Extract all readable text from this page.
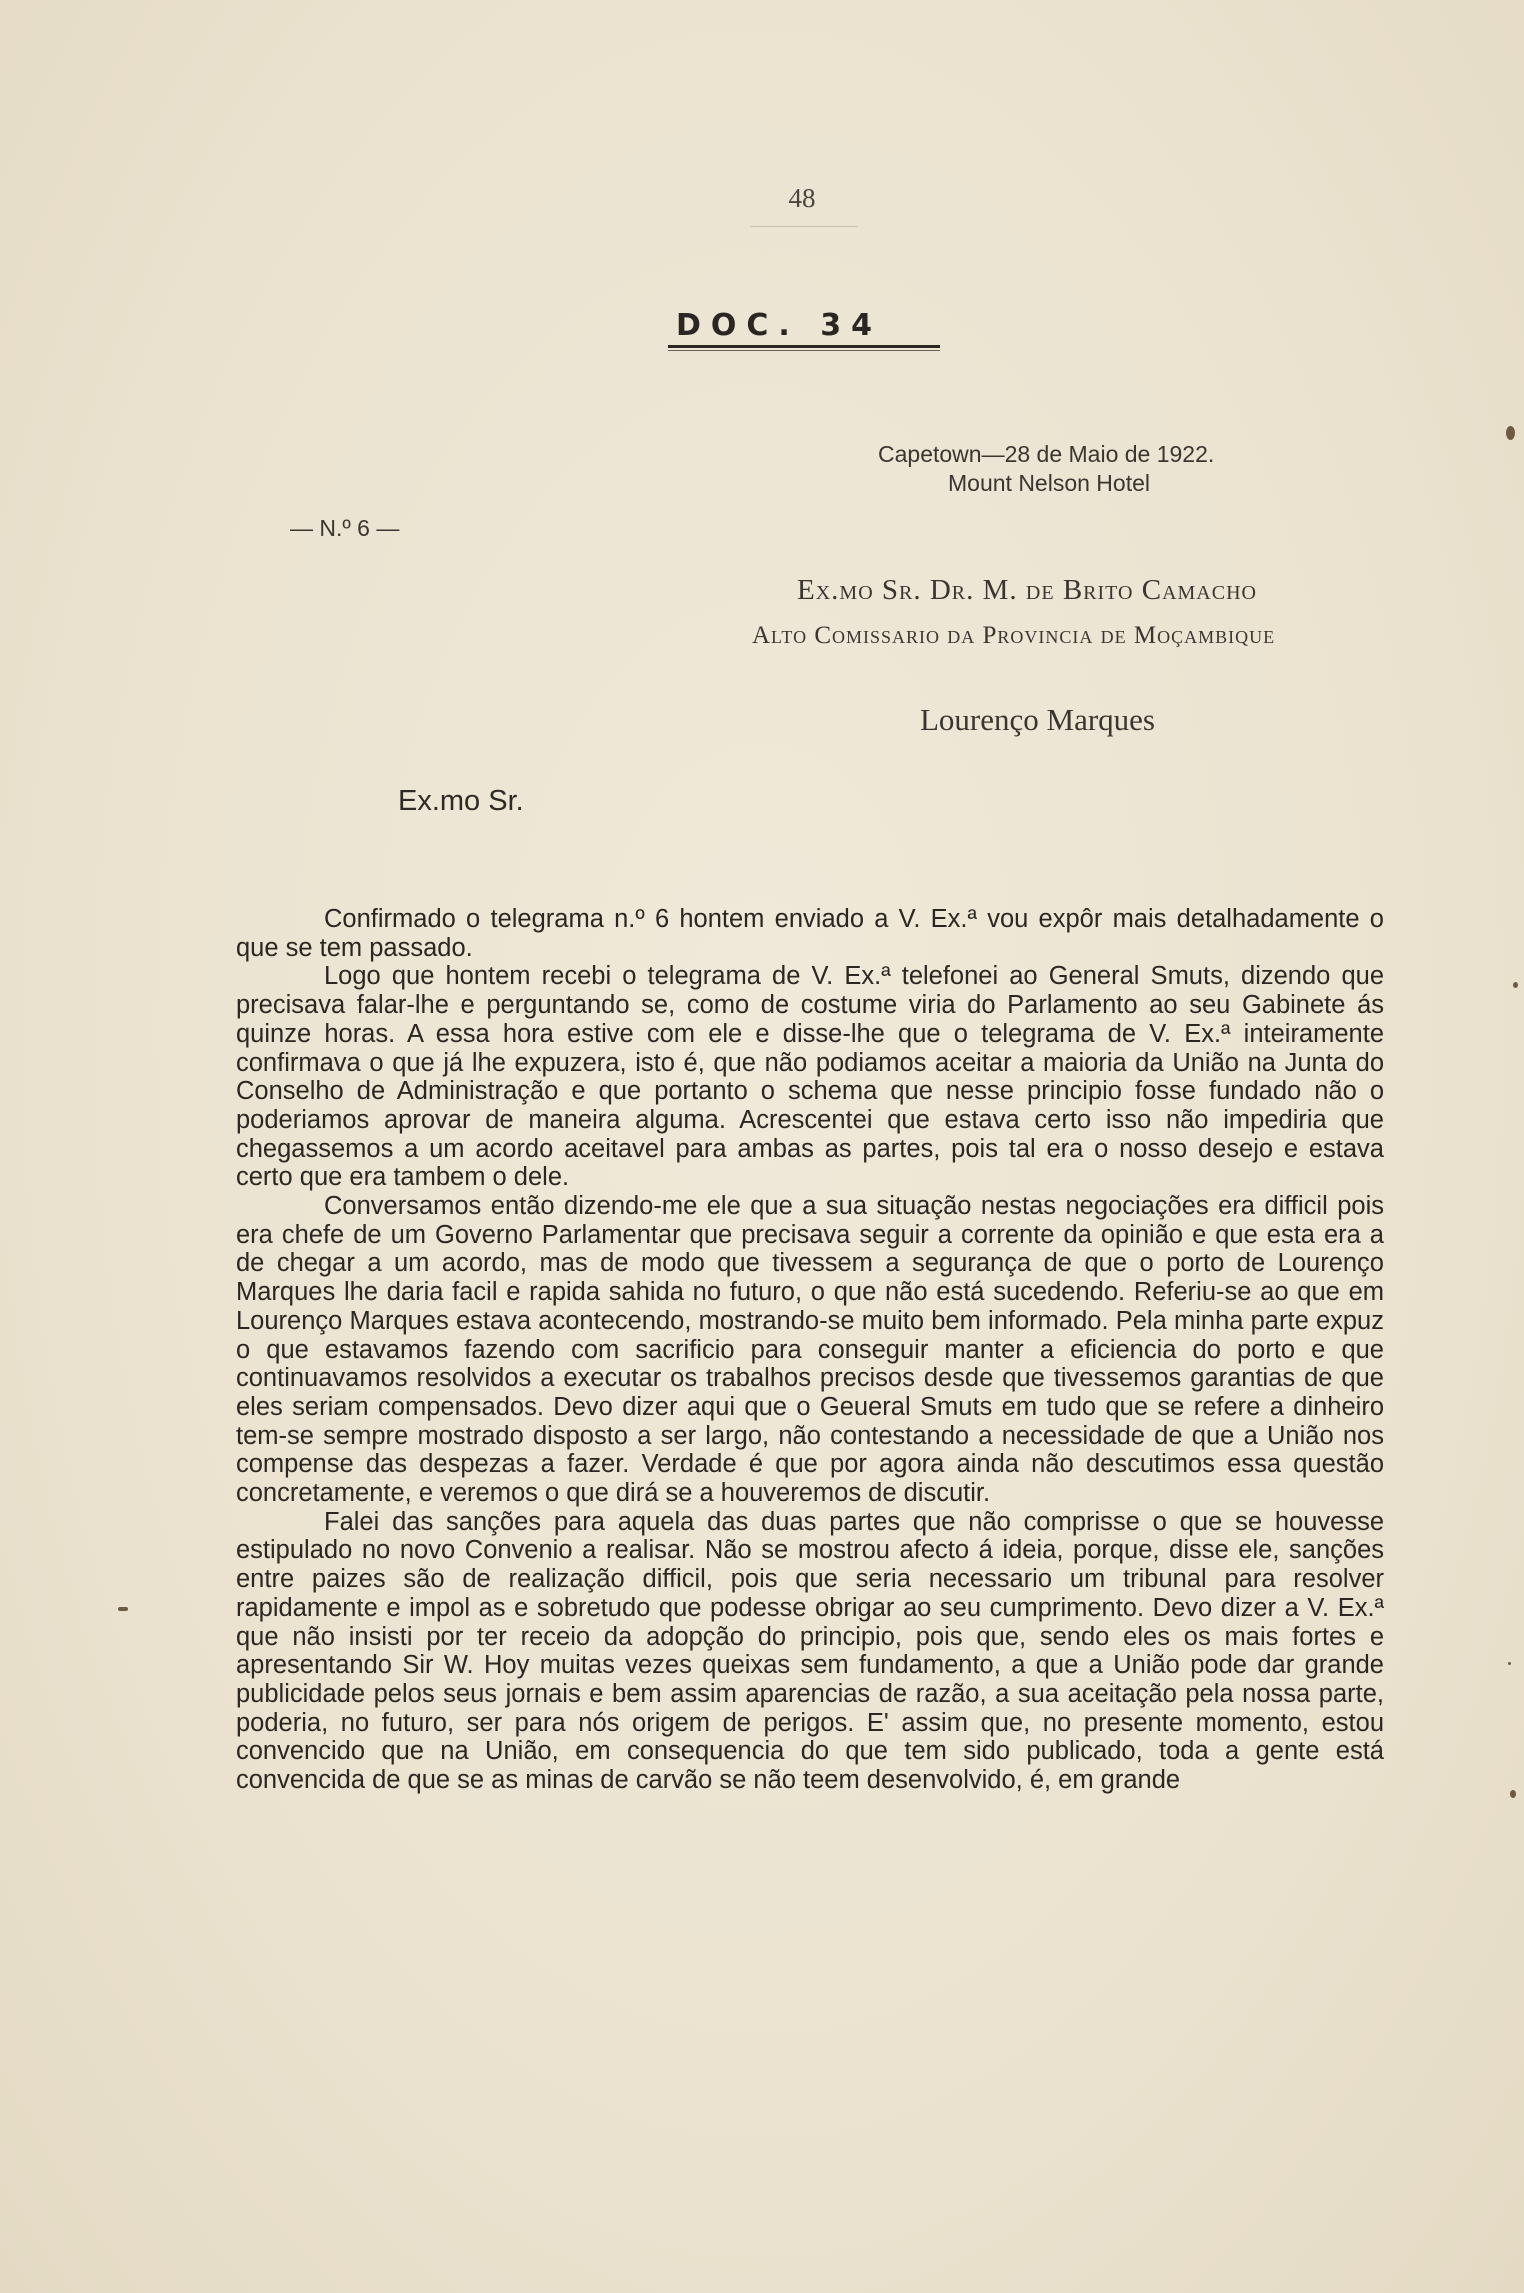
48
DOC. 34
Capetown—28 de Maio de 1922.
Mount Nelson Hotel
— N.º 6 —
Ex.mo Sr. Dr. M. de Brito Camacho
Alto Comissario da Provincia de Moçambique
Lourenço Marques
Ex.mo Sr.

Confirmado o telegrama n.º 6 hontem enviado a V. Ex.ª vou expôr mais detalhadamente o que se tem passado.

Logo que hontem recebi o telegrama de V. Ex.ª telefonei ao General Smuts, dizendo que precisava falar-lhe e perguntando se, como de costume viria do Parlamento ao seu Gabinete ás quinze horas. A essa hora estive com ele e disse-lhe que o telegrama de V. Ex.ª inteiramente confirmava o que já lhe expuzera, isto é, que não podiamos aceitar a maioria da União na Junta do Conselho de Administração e que portanto o schema que nesse principio fosse fundado não o poderiamos aprovar de maneira alguma. Acrescentei que estava certo isso não impediria que chegassemos a um acordo aceitavel para ambas as partes, pois tal era o nosso desejo e estava certo que era tambem o dele.

Conversamos então dizendo-me ele que a sua situação nestas negociações era difficil pois era chefe de um Governo Parlamentar que precisava seguir a corrente da opinião e que esta era a de chegar a um acordo, mas de modo que tivessem a segurança de que o porto de Lourenço Marques lhe daria facil e rapida sahida no futuro, o que não está sucedendo. Referiu-se ao que em Lourenço Marques estava acontecendo, mostrando-se muito bem informado. Pela minha parte expuz o que estavamos fazendo com sacrificio para conseguir manter a eficiencia do porto e que continuavamos resolvidos a executar os trabalhos precisos desde que tivessemos garantias de que eles seriam compensados. Devo dizer aqui que o Geueral Smuts em tudo que se refere a dinheiro tem-se sempre mostrado disposto a ser largo, não contestando a necessidade de que a União nos compense das despezas a fazer. Verdade é que por agora ainda não descutimos essa questão concretamente, e veremos o que dirá se a houveremos de discutir.

Falei das sanções para aquela das duas partes que não comprisse o que se houvesse estipulado no novo Convenio a realisar. Não se mostrou afecto á ideia, porque, disse ele, sanções entre paizes são de realização difficil, pois que seria necessario um tribunal para resolver rapidamente e impol as e sobretudo que podesse obrigar ao seu cumprimento. Devo dizer a V. Ex.ª que não insisti por ter receio da adopção do principio, pois que, sendo eles os mais fortes e apresentando Sir W. Hoy muitas vezes queixas sem fundamento, a que a União pode dar grande publicidade pelos seus jornais e bem assim aparencias de razão, a sua aceitação pela nossa parte, poderia, no futuro, ser para nós origem de perigos. E' assim que, no presente momento, estou convencido que na União, em consequencia do que tem sido publicado, toda a gente está convencida de que se as minas de carvão se não teem desenvolvido, é, em grande
